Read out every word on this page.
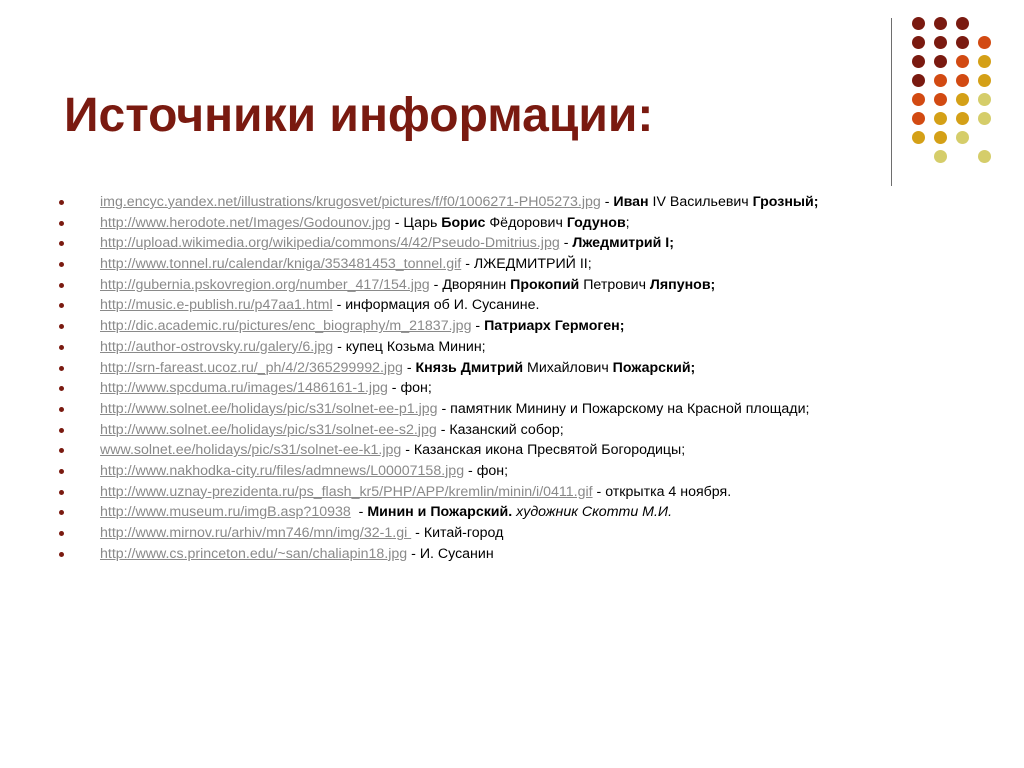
Источники информации:
img.encyc.yandex.net/illustrations/krugosvet/pictures/f/f0/1006271-PH05273.jpg - Иван IV Васильевич Грозный;
http://www.herodote.net/Images/Godounov.jpg - Царь Борис Фёдорович Годунов;
http://upload.wikimedia.org/wikipedia/commons/4/42/Pseudo-Dmitrius.jpg - Лжедмитрий I;
http://www.tonnel.ru/calendar/kniga/353481453_tonnel.gif - ЛЖЕДМИТРИЙ II;
http://gubernia.pskovregion.org/number_417/154.jpg - Дворянин Прокопий Петрович Ляпунов;
http://music.e-publish.ru/p47aa1.html - информация об И. Сусанине.
http://dic.academic.ru/pictures/enc_biography/m_21837.jpg - Патриарх Гермоген;
http://author-ostrovsky.ru/galery/6.jpg - купец Козьма Минин;
http://srn-fareast.ucoz.ru/_ph/4/2/365299992.jpg - Князь Дмитрий Михайлович Пожарский;
http://www.spcduma.ru/images/1486161-1.jpg - фон;
http://www.solnet.ee/holidays/pic/s31/solnet-ee-p1.jpg - памятник Минину и Пожарскому на Красной площади;
http://www.solnet.ee/holidays/pic/s31/solnet-ee-s2.jpg - Казанский собор;
www.solnet.ee/holidays/pic/s31/solnet-ee-k1.jpg - Казанская икона Пресвятой Богородицы;
http://www.nakhodka-city.ru/files/admnews/L00007158.jpg - фон;
http://www.uznay-prezidenta.ru/ps_flash_kr5/PHP/APP/kremlin/minin/i/0411.gif - открытка 4 ноября.
http://www.museum.ru/imgB.asp?10938  - Минин и Пожарский. художник Скотти М.И.
http://www.mirnov.ru/arhiv/mn746/mn/img/32-1.gi  - Китай-город
http://www.cs.princeton.edu/~san/chaliapin18.jpg - И. Сусанин
